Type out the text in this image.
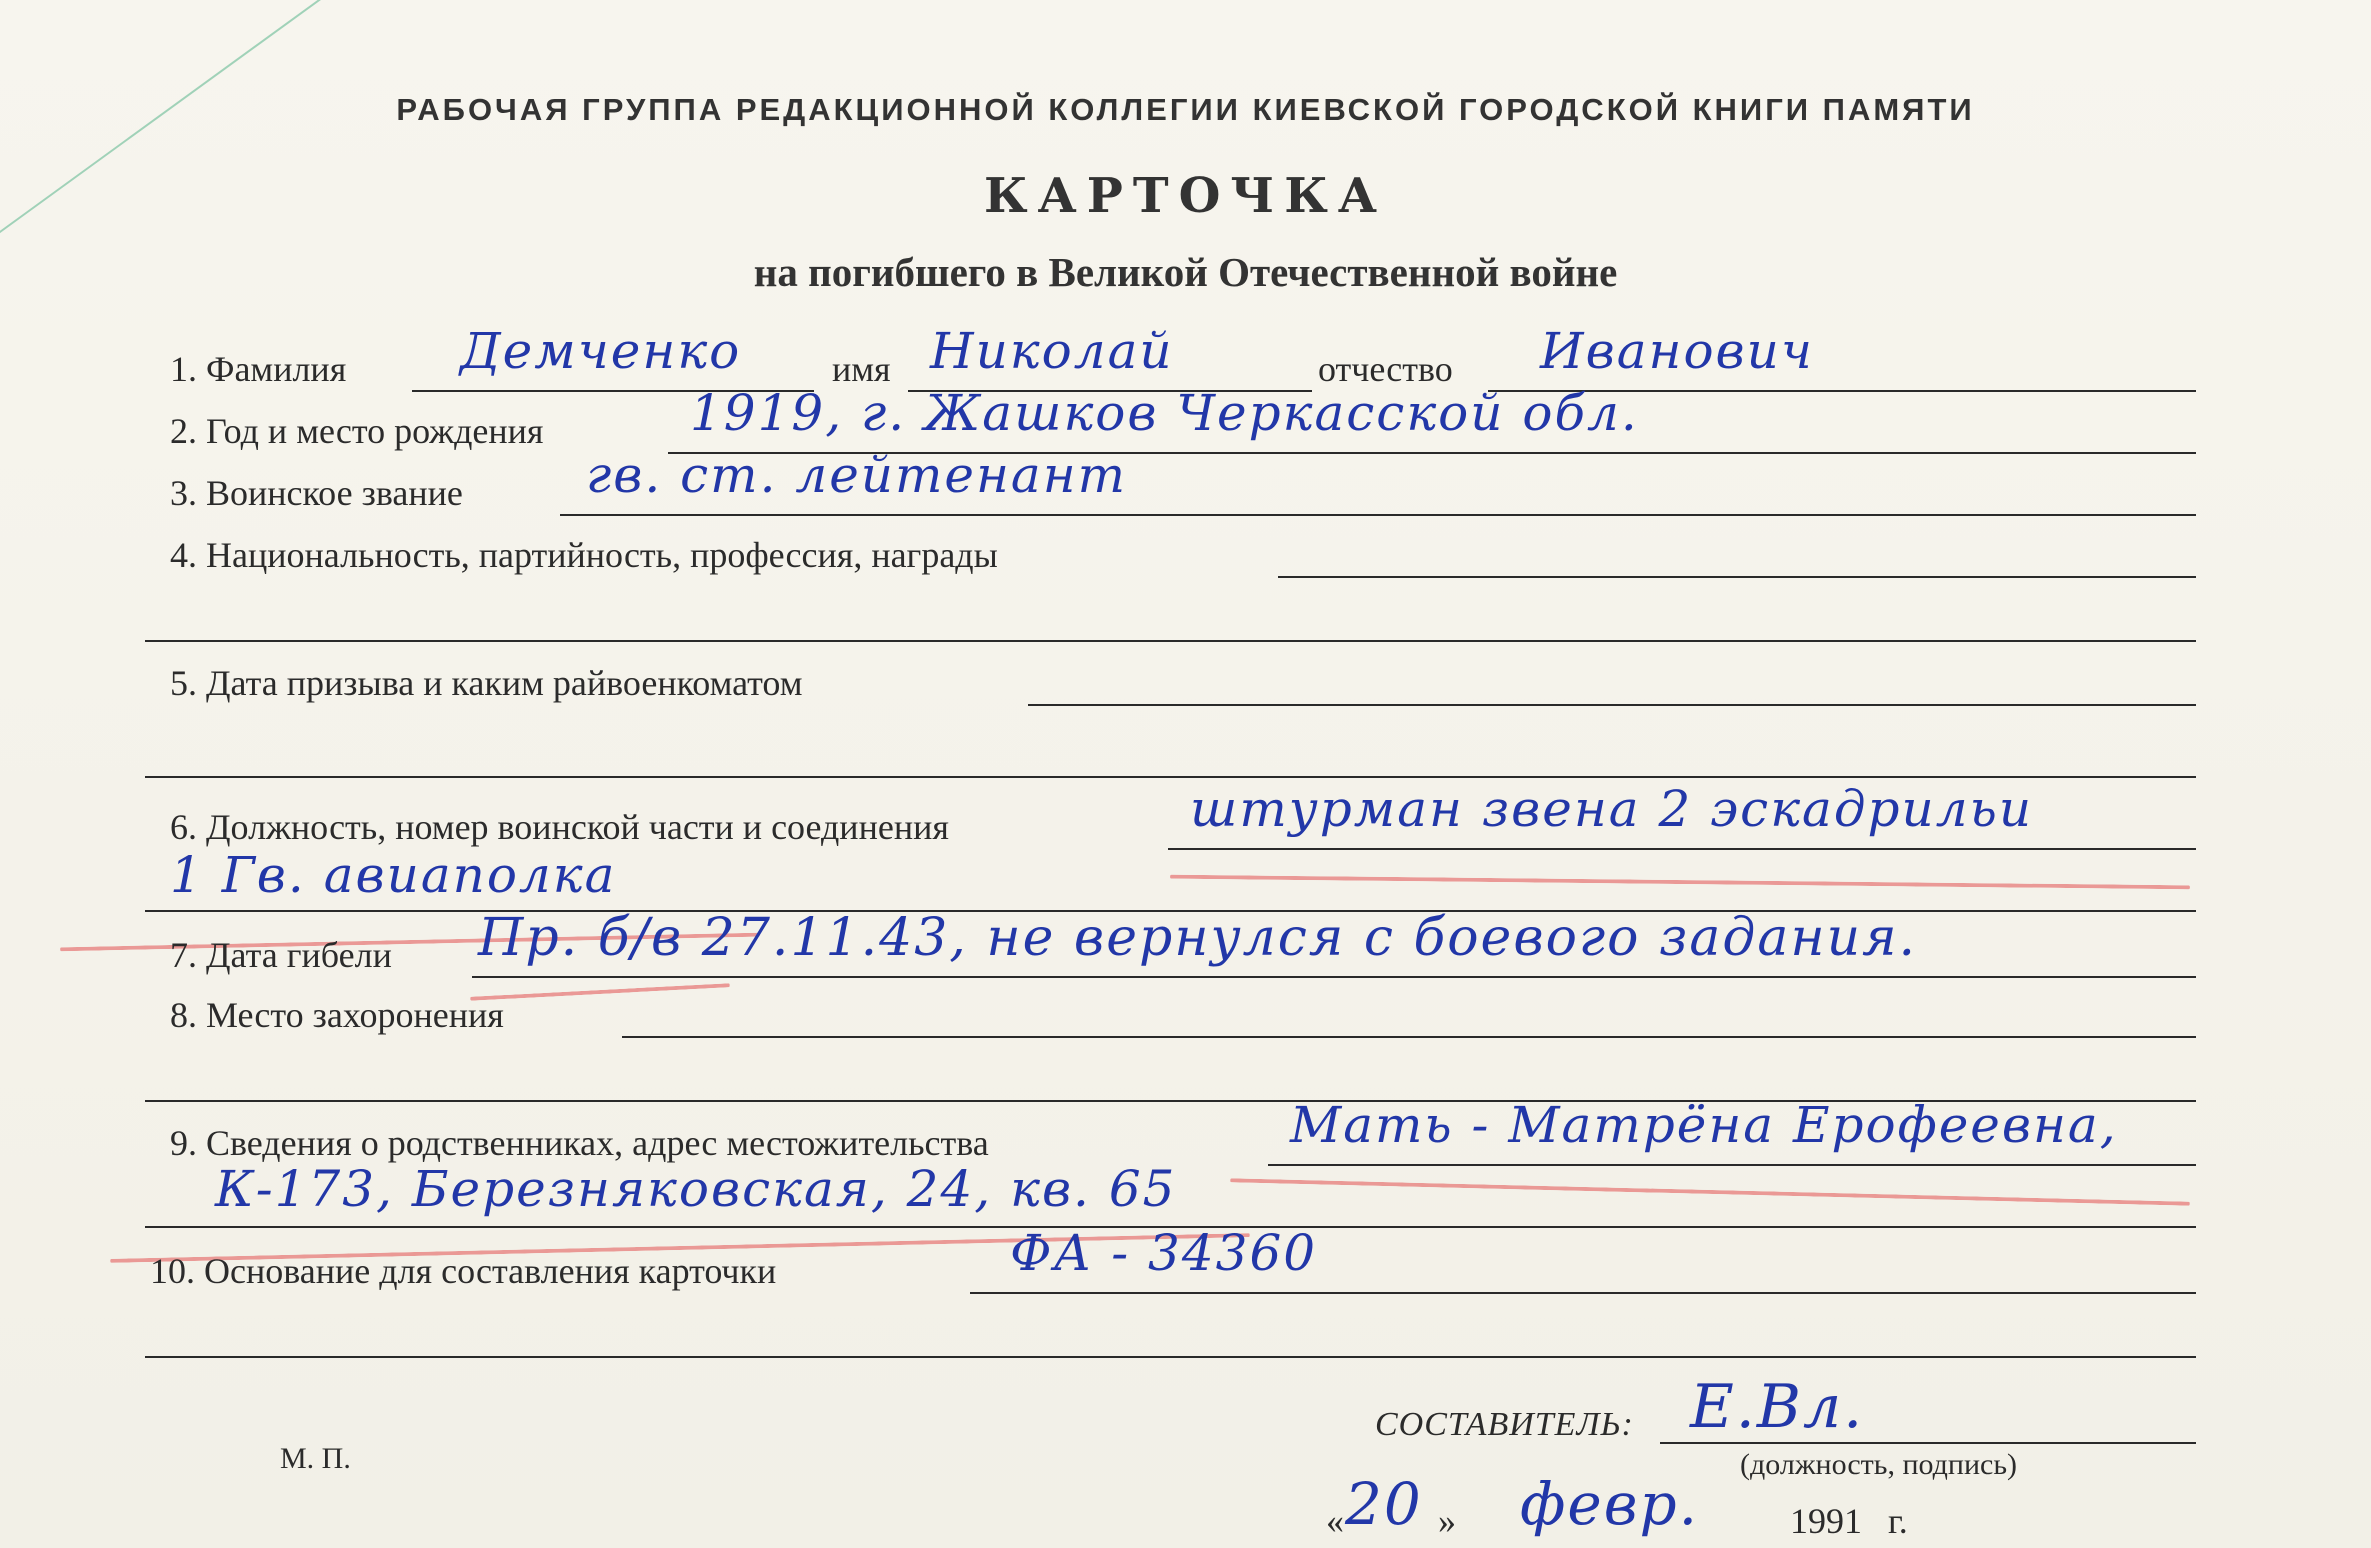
РАБОЧАЯ ГРУППА РЕДАКЦИОННОЙ КОЛЛЕГИИ КИЕВСКОЙ ГОРОДСКОЙ КНИГИ ПАМЯТИ
КАРТОЧКА
на погибшего в Великой Отечественной войне
1. Фамилия Демченко	имя Николай	отчество Иванович
2. Год и место рождения	1919, г. Жашков Черкасской обл.
3. Воинское звание гв. ст. лейтенант
4. Национальность, партийность, профессия, награды
5. Дата призыва и каким райвоенкоматом
6. Должность, номер воинской части и соединения	штурман звена 2 эскадрильи
1 Гв. авиаполка
7. Дата гибели Пр. б/в 27.11.43, не вернулся с боевого задания.
8. Место захоронения
9. Сведения о родственниках, адрес местожительства	Мать - Матрёна Ерофеевна,
К-173, Березняковская, 24, кв. 65
10. Основание для составления карточки	ФА - 34360
М. П.
СОСТАВИТЕЛЬ: Е.Вл.
(должность, подпись)
« 20 » февр.	1991 г.
